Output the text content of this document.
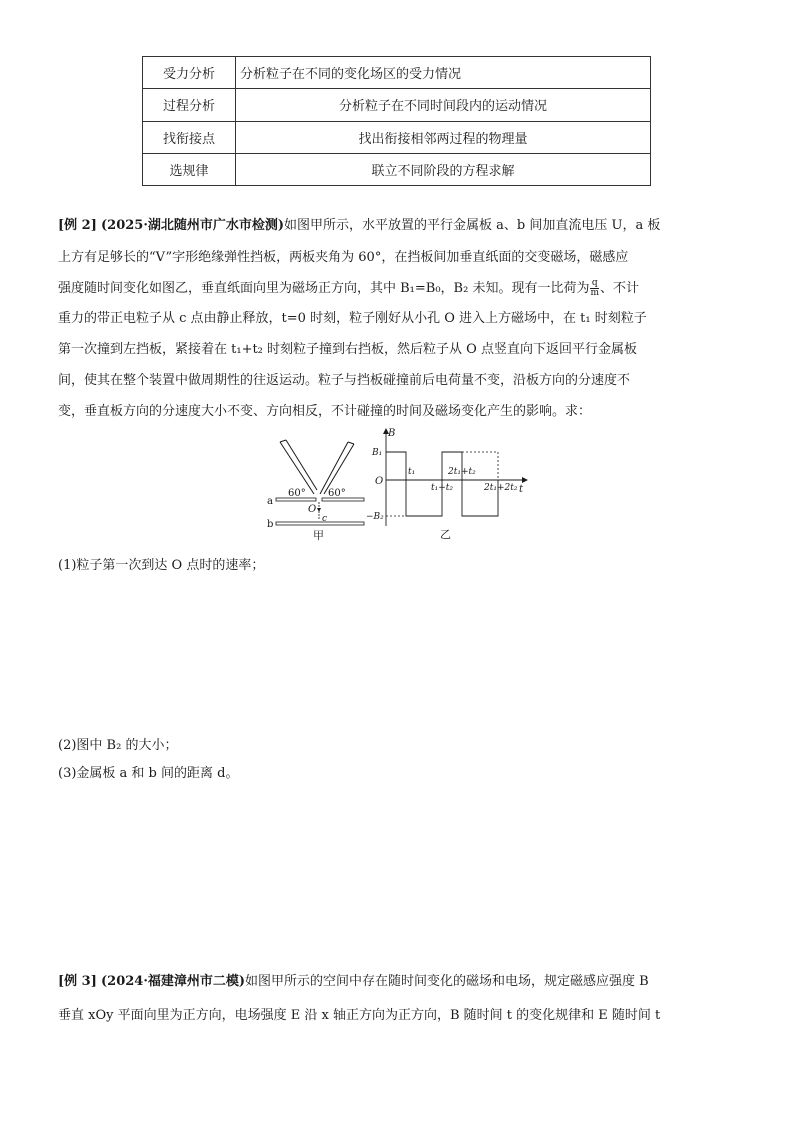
受力分析	分析粒子在不同的变化场区的受力情况
过程分析	分析粒子在不同时间段内的运动情况
找衔接点	找出衔接相邻两过程的物理量
选规律	联立不同阶段的方程求解
[例 2] (2025·湖北随州市广水市检测)如图甲所示，水平放置的平行金属板 a、b 间加直流电压 U，a 板
上方有足够长的“V”字形绝缘弹性挡板，两板夹角为 60°，在挡板间加垂直纸面的交变磁场，磁感应
强度随时间变化如图乙，垂直纸面向里为磁场正方向，其中 B₁=B₀，B₂ 未知。现有一比荷为 $\frac{q}{m}$ 、不计
重力的带正电粒子从 c 点由静止释放，t=0 时刻，粒子刚好从小孔 O 进入上方磁场中，在 t₁ 时刻粒子
第一次撞到左挡板，紧接着在 t₁+t₂ 时刻粒子撞到右挡板，然后粒子从 O 点竖直向下返回平行金属板
间，使其在整个装置中做周期性的往返运动。粒子与挡板碰撞前后电荷量不变，沿板方向的分速度不
变，垂直板方向的分速度大小不变、方向相反，不计碰撞的时间及磁场变化产生的影响。求：
60° 60°
a
b
O
c
甲
B
t
O
B₁
−B₂
t₁	2t₁+t₂
t₁+t₂	2t₁+2t₂
乙
(1)粒子第一次到达 O 点时的速率；
(2)图中 B₂ 的大小；
(3)金属板 a 和 b 间的距离 d。
[例 3] (2024·福建漳州市二模)如图甲所示的空间中存在随时间变化的磁场和电场，规定磁感应强度 B
垂直 xOy 平面向里为正方向，电场强度 E 沿 x 轴正方向为正方向，B 随时间 t 的变化规律和 E 随时间 t
